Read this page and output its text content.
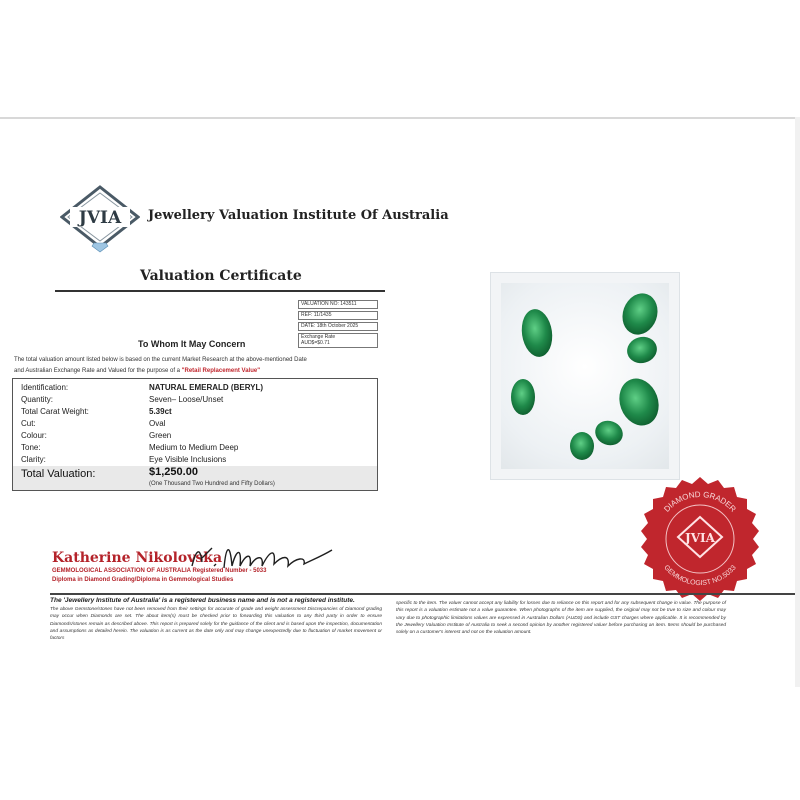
JVIA Jewellery Valuation Institute Of Australia
Valuation Certificate
VALUATION NO: 143511
REF: 11/1435
DATE: 18th October 2025
Exchange Rate
AUD$=$0.71
To Whom It May Concern
The total valuation amount listed below is based on the current Market Research at the above-mentioned Date
and Australian Exchange Rate and Valued for the purpose of a "Retail Replacement Value"
Identification:	NATURAL EMERALD (BERYL)
Quantity:	Seven– Loose/Unset
Total Carat Weight:	5.39ct
Cut:	Oval
Colour:	Green
Tone:	Medium to Medium Deep
Clarity:	Eye Visible Inclusions
Total Valuation:	$1,250.00
(One Thousand Two Hundred and Fifty Dollars)
DIAMOND GRADER
GEMMOLOGIST NO.5033
JVIA
Katherine Nikolovska
GEMMOLOGICAL ASSOCIATION OF AUSTRALIA Registered Number - 5033
Diploma in Diamond Grading/Diploma in Gemmological Studies
The 'Jewellery Institute of Australia' is a registered business name and is not a registered institute.
The above Gemstone/stones have not been removed from their settings for accurate of grade and weight assessment Discrepancies of Diamond grading may occur when Diamonds are set. The about item(s) must be checked prior to forwarding this valuation to any third party in order to ensure Diamonds/stones remain as described above. This report is prepared solely for the guidance of the client and is based upon the inspection, documentation and assumptions as detailed herein. The valuation is as current as the date only and may change unexpectedly due to fluctuation of market movement or factors
specific to the item. The valuer cannot accept any liability for losses due to reliance on this report and for any subsequent change in value. The purpose of this report is a valuation estimate not a value guarantee. When photographs of the item are supplied, the original may not be true to size and colour may vary due to photographic limitations values are expressed in Australian Dollars (AUDS) and include GST charges where applicable. It is recommended by the Jewellery Valuation Institute of Australia to seek a second opinion by another registered valuer before purchasing an item. Items should be purchased solely on a customer's interest and not on the valuation amount.
